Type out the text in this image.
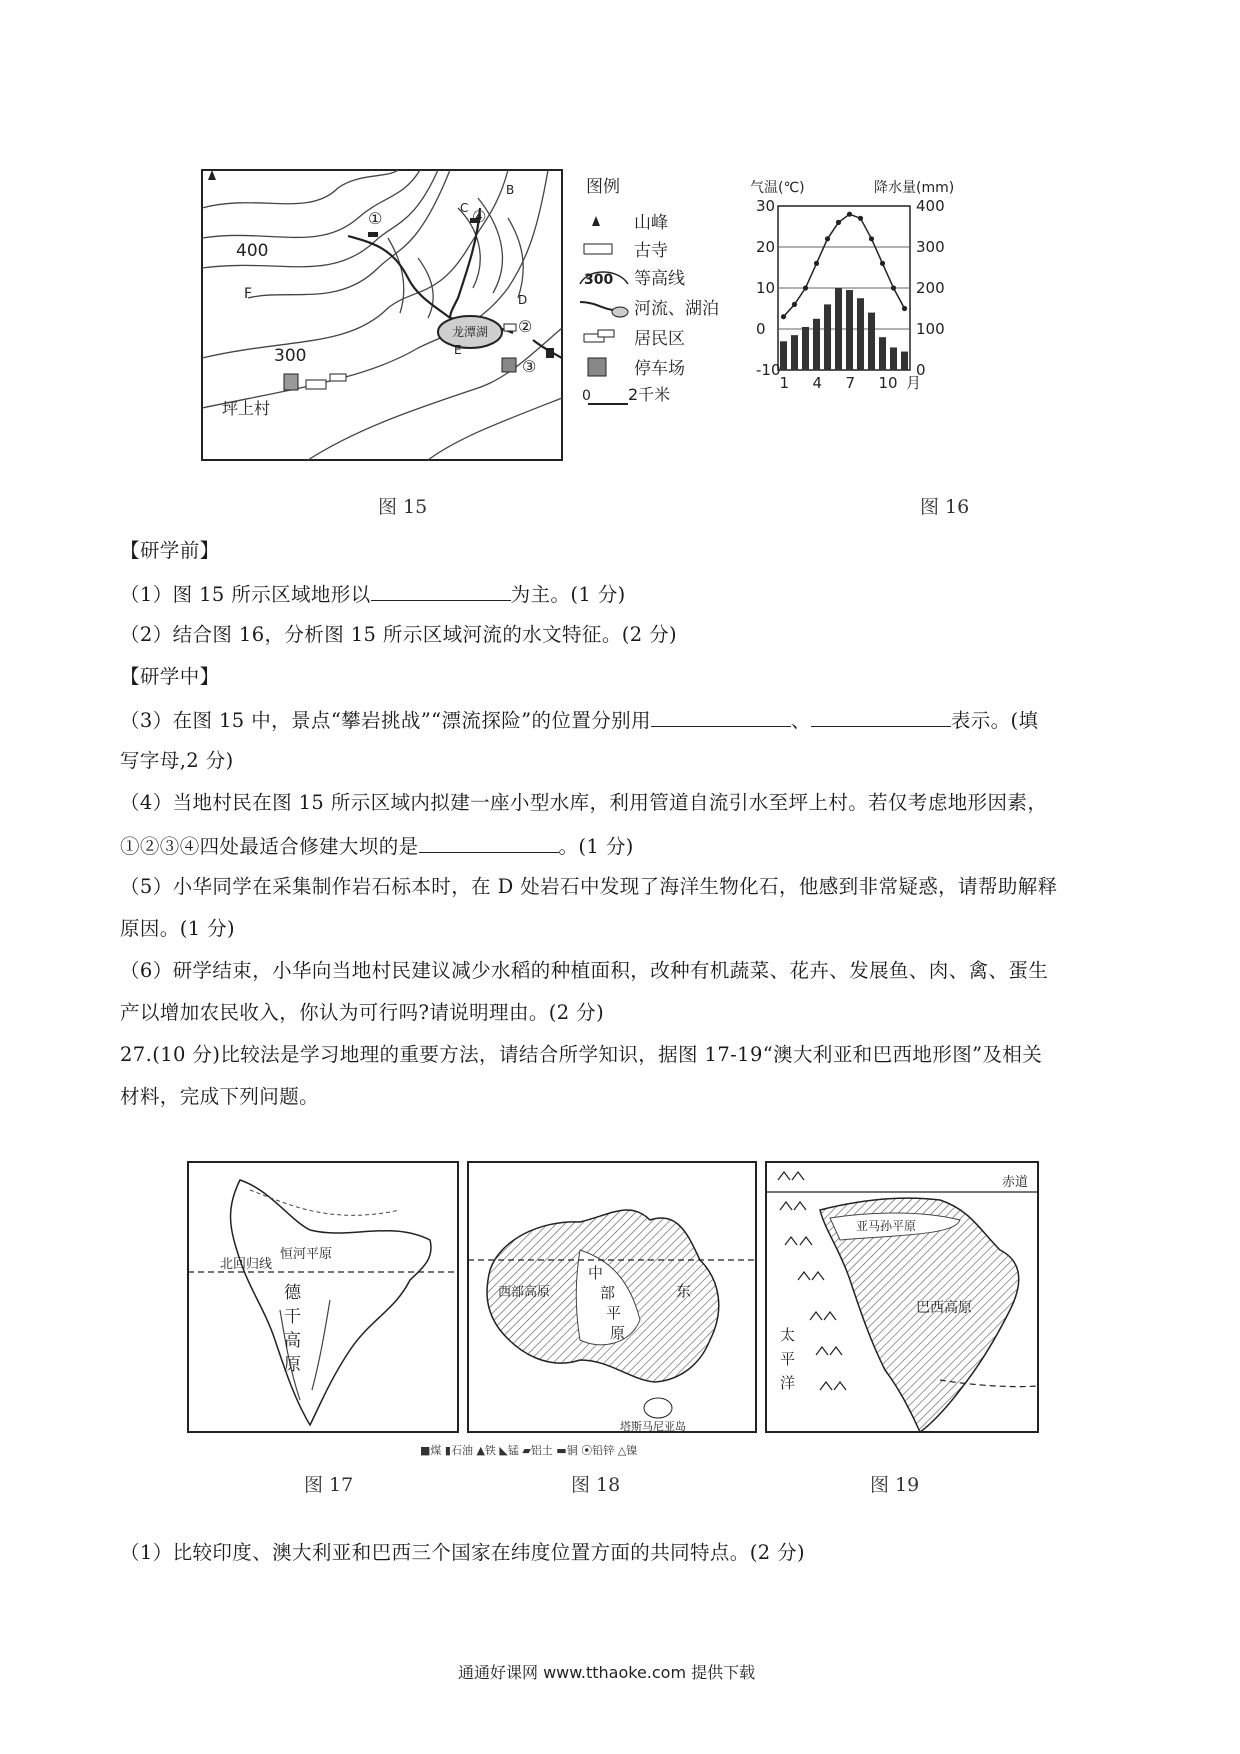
400
300
F
E
D
C
B
①
②
③
④
龙潭湖
坪上村
图例
山峰
古寺
300 等高线
河流、湖泊
居民区
停车场
0 2千米
气温(℃)	降水量(mm)
月
30
20
10
0
-10
400
300
200
100
0
1 4 7 10
图 15	图 16
【研学前】
（1）图 15 所示区域地形以	为主。(1 分)
（2）结合图 16，分析图 15 所示区域河流的水文特征。(2 分)
【研学中】
（3）在图 15 中，景点“攀岩挑战”“漂流探险”的位置分别用	、	表示。(填
写字母,2 分)
（4）当地村民在图 15 所示区域内拟建一座小型水库，利用管道自流引水至坪上村。若仅考虑地形因素，
①②③④四处最适合修建大坝的是	。(1 分)
（5）小华同学在采集制作岩石标本时，在 D 处岩石中发现了海洋生物化石，他感到非常疑惑，请帮助解释
原因。(1 分)
（6）研学结束，小华向当地村民建议减少水稻的种植面积，改种有机蔬菜、花卉、发展鱼、肉、禽、蛋生
产以增加农民收入，你认为可行吗?请说明理由。(2 分)
27.(10 分)比较法是学习地理的重要方法，请结合所学知识，据图 17-19“澳大利亚和巴西地形图”及相关
材料，完成下列问题。
北回归线
恒河平原
德
干
高
原
西部高原
中
部
平
原
东
塔斯马尼亚岛
赤道
亚马孙平原
巴西高原
太
平
洋
■煤 ▮石油 ▲铁 ◣锰 ▰铝土 ▬铜 ⦿铅锌 △镍
图 17	图 18	图 19
（1）比较印度、澳大利亚和巴西三个国家在纬度位置方面的共同特点。(2 分)
通通好课网 www.tthaoke.com 提供下载
